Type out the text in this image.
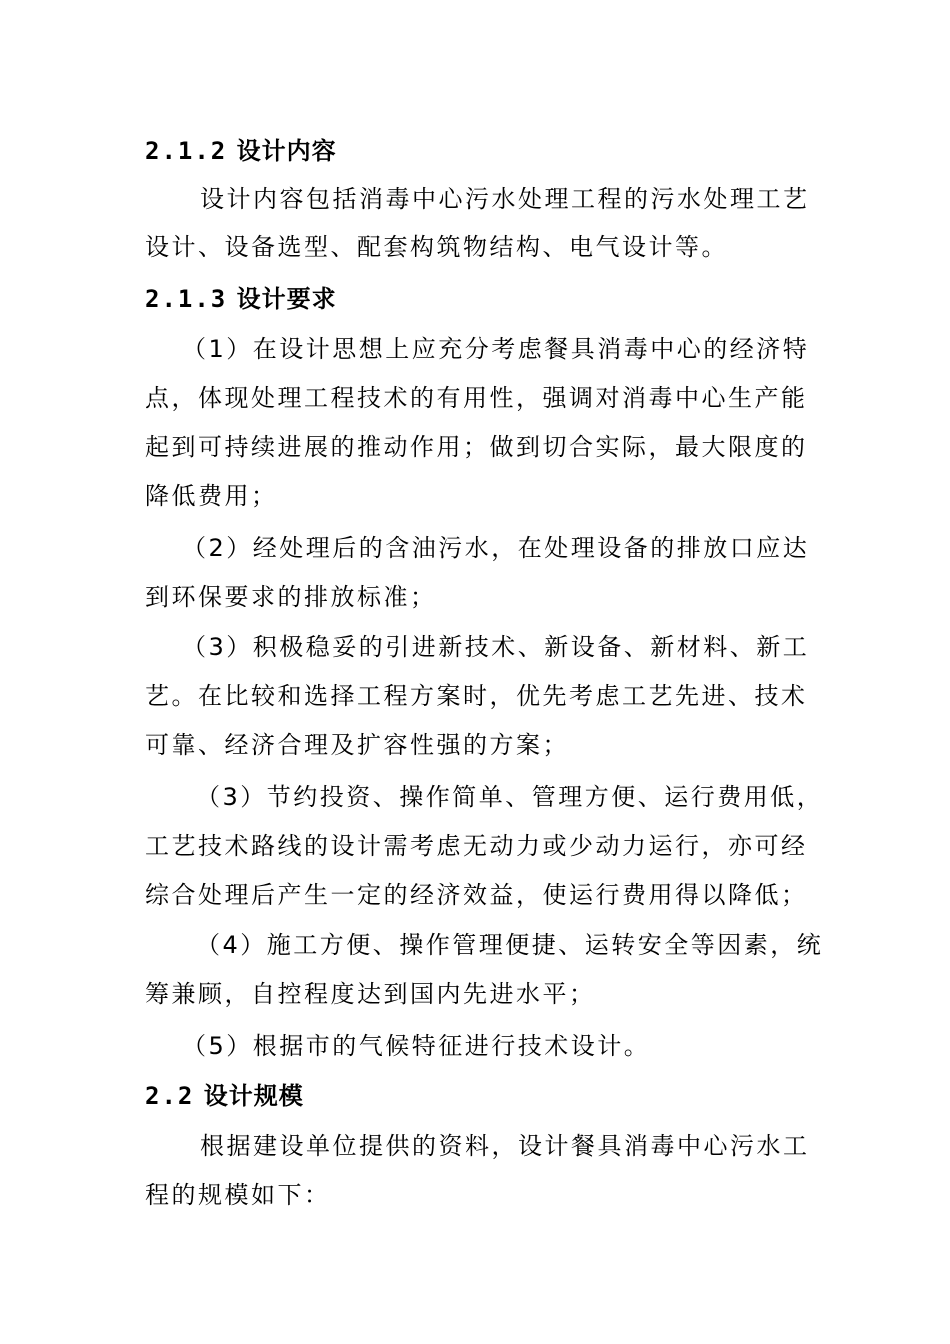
2.1.2 设计内容
设计内容包括消毒中心污水处理工程的污水处理工艺
设计、设备选型、配套构筑物结构、电气设计等。
2.1.3 设计要求
（1）在设计思想上应充分考虑餐具消毒中心的经济特
点，体现处理工程技术的有用性，强调对消毒中心生产能
起到可持续进展的推动作用；做到切合实际，最大限度的
降低费用；
（2）经处理后的含油污水，在处理设备的排放口应达
到环保要求的排放标准；
（3）积极稳妥的引进新技术、新设备、新材料、新工
艺。在比较和选择工程方案时，优先考虑工艺先进、技术
可靠、经济合理及扩容性强的方案；
（3）节约投资、操作简单、管理方便、运行费用低，
工艺技术路线的设计需考虑无动力或少动力运行，亦可经
综合处理后产生一定的经济效益，使运行费用得以降低；
（4）施工方便、操作管理便捷、运转安全等因素，统
筹兼顾，自控程度达到国内先进水平；
（5）根据市的气候特征进行技术设计。
2.2 设计规模
根据建设单位提供的资料，设计餐具消毒中心污水工
程的规模如下：
